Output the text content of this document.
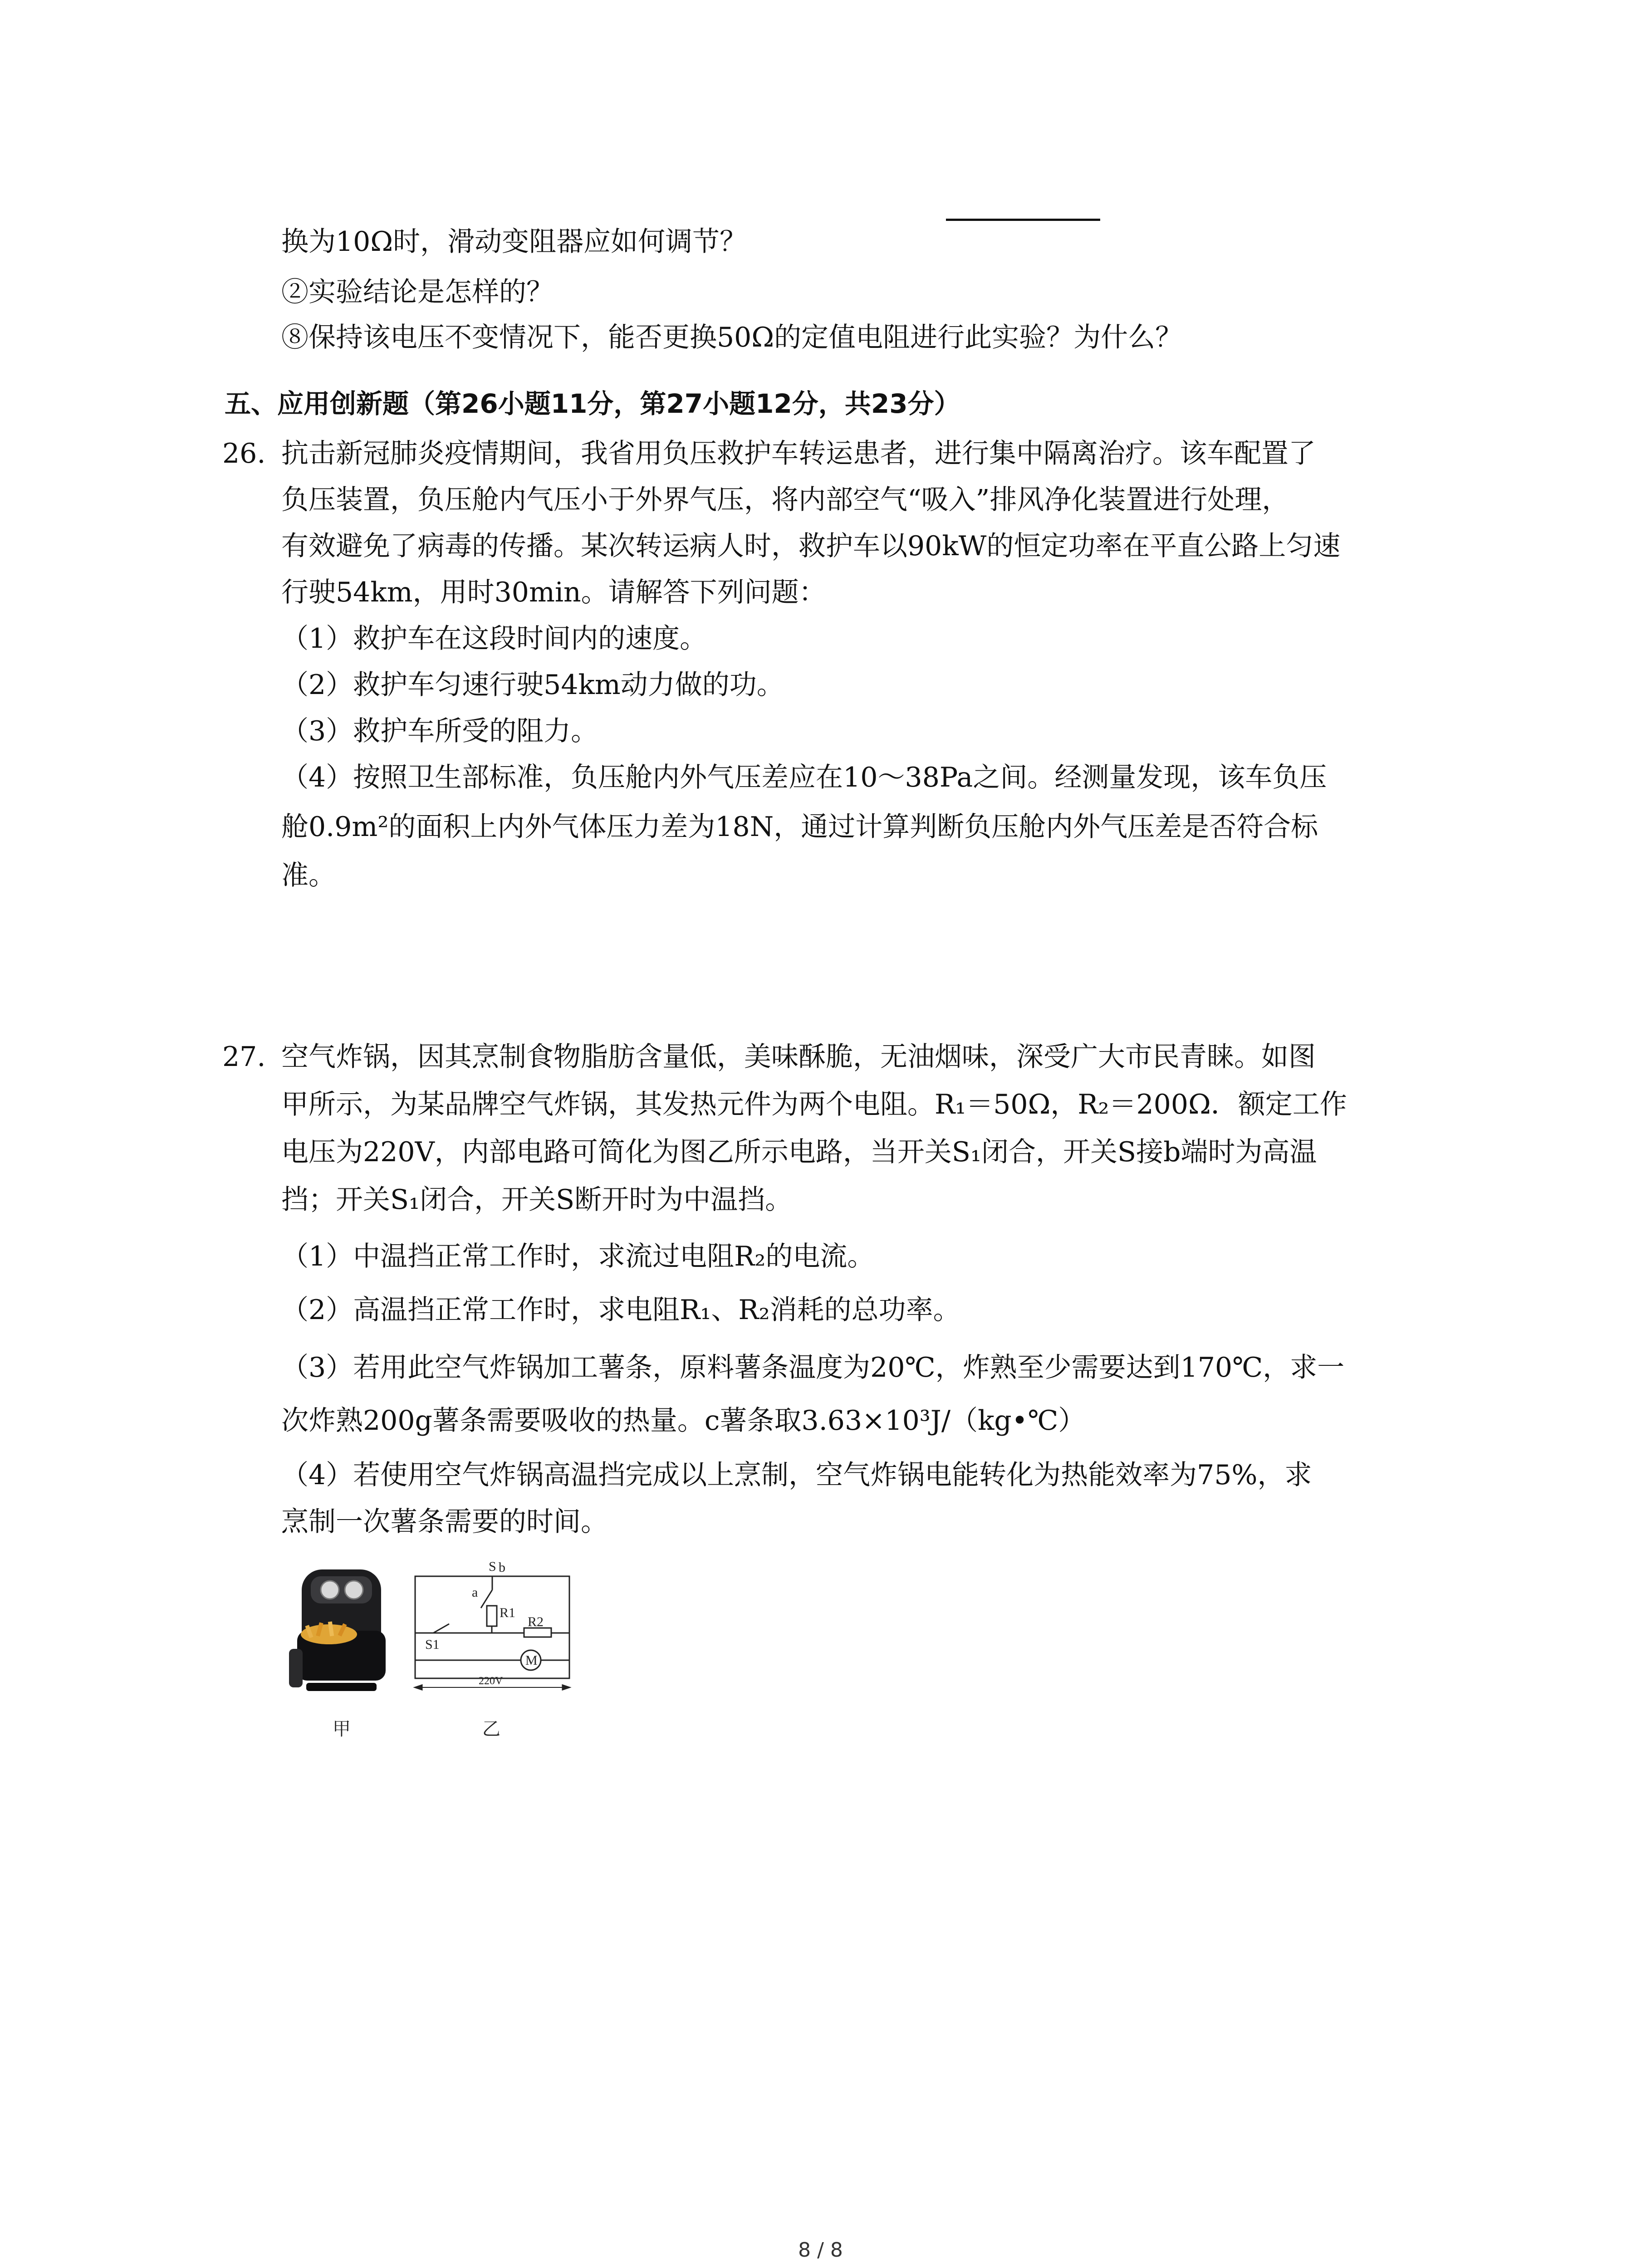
换为10Ω时，滑动变阻器应如何调节？
②实验结论是怎样的？
⑧保持该电压不变情况下，能否更换50Ω的定值电阻进行此实验？为什么？
五、应用创新题（第26小题11分，第27小题12分，共23分）
26. 抗击新冠肺炎疫情期间，我省用负压救护车转运患者，进行集中隔离治疗。该车配置了
负压装置，负压舱内气压小于外界气压，将内部空气“吸入”排风净化装置进行处理，
有效避免了病毒的传播。某次转运病人时，救护车以90kW的恒定功率在平直公路上匀速
行驶54km，用时30min。请解答下列问题：
（1）救护车在这段时间内的速度。
（2）救护车匀速行驶54km动力做的功。
（3）救护车所受的阻力。
（4）按照卫生部标准，负压舱内外气压差应在10～38Pa之间。经测量发现，该车负压
舱0.9m²的面积上内外气体压力差为18N，通过计算判断负压舱内外气压差是否符合标
准。
27. 空气炸锅，因其烹制食物脂肪含量低，美味酥脆，无油烟味，深受广大市民青睐。如图
甲所示，为某品牌空气炸锅，其发热元件为两个电阻。R₁＝50Ω，R₂＝200Ω．额定工作
电压为220V，内部电路可简化为图乙所示电路，当开关S₁闭合，开关S接b端时为高温
挡；开关S₁闭合，开关S断开时为中温挡。
（1）中温挡正常工作时，求流过电阻R₂的电流。
（2）高温挡正常工作时，求电阻R₁、R₂消耗的总功率。
（3）若用此空气炸锅加工薯条，原料薯条温度为20℃，炸熟至少需要达到170℃，求一
次炸熟200g薯条需要吸收的热量。c薯条取3.63×10³J/（kg•℃）
（4）若使用空气炸锅高温挡完成以上烹制，空气炸锅电能转化为热能效率为75%，求
烹制一次薯条需要的时间。
S b
a
R1
R2
S1
M
220V
甲	乙
8 / 8
